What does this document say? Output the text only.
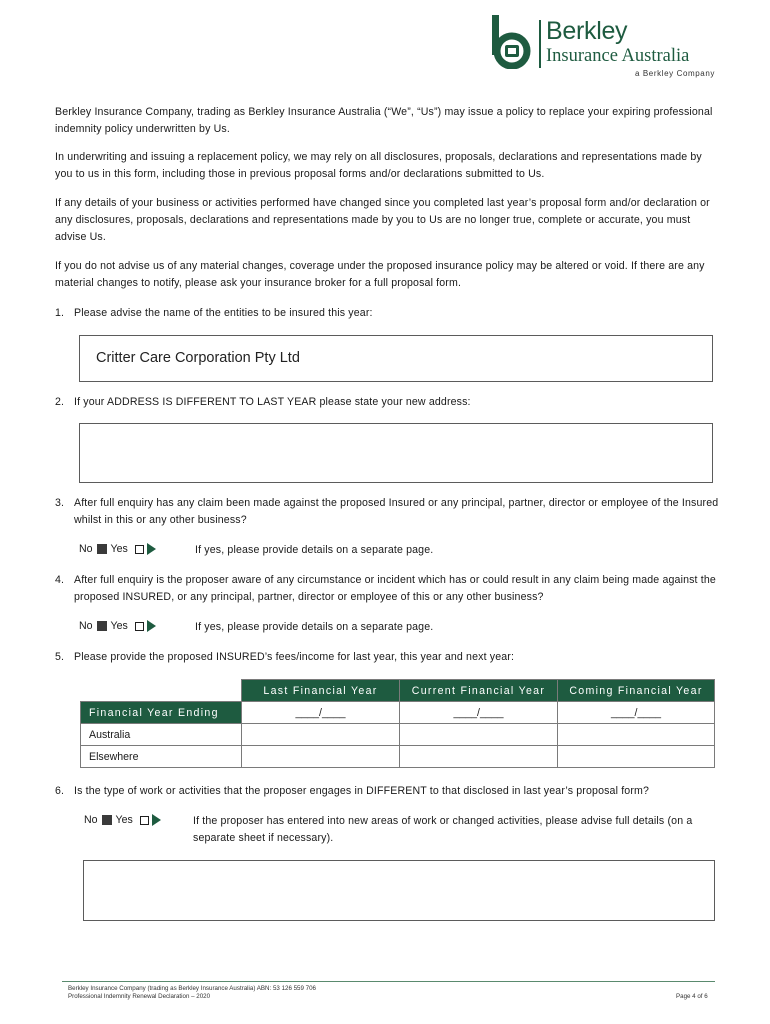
Berkley
Insurance Australia
a Berkley Company
Berkley Insurance Company, trading as Berkley Insurance Australia (“We”, “Us”) may issue a policy to replace your expiring professional indemnity policy underwritten by Us.
In underwriting and issuing a replacement policy, we may rely on all disclosures, proposals, declarations and representations made by you to us in this form, including those in previous proposal forms and/or declarations submitted to Us.
If any details of your business or activities performed have changed since you completed last year’s proposal form and/or declaration or any disclosures, proposals, declarations and representations made by you to Us are no longer true, complete or accurate, you must advise Us.
If you do not advise us of any material changes, coverage under the proposed insurance policy may be altered or void. If there are any material changes to notify, please ask your insurance broker for a full proposal form.
1. Please advise the name of the entities to be insured this year:
Critter Care Corporation Pty Ltd
2. If your ADDRESS IS DIFFERENT TO LAST YEAR please state your new address:
3. After full enquiry has any claim been made against the proposed Insured or any principal, partner, director or employee of the Insured whilst in this or any other business?
No Yes	If yes, please provide details on a separate page.
4. After full enquiry is the proposer aware of any circumstance or incident which has or could result in any claim being made against the proposed INSURED, or any principal, partner, director or employee of this or any other business?
No Yes	If yes, please provide details on a separate page.
5. Please provide the proposed INSURED’s fees/income for last year, this year and next year:
	Last Financial Year	Current Financial Year	Coming Financial Year
Financial Year Ending	____/____	____/____	____/____
Australia			
Elsewhere			
6. Is the type of work or activities that the proposer engages in DIFFERENT to that disclosed in last year’s proposal form?
No Yes	If the proposer has entered into new areas of work or changed activities, please advise full details (on a separate sheet if necessary).
Berkley Insurance Company (trading as Berkley Insurance Australia) ABN: 53 126 559 706
Professional Indemnity Renewal Declaration – 2020	Page 4 of 6
